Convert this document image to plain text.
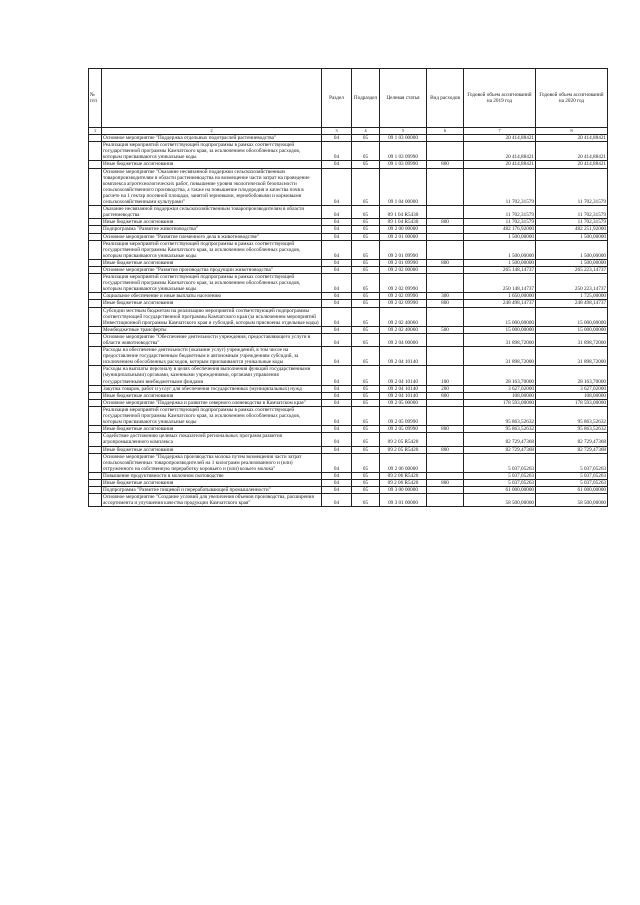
№ п/п		Раздел	Подраздел	Целевая статья	Вид расходов	Годовой объем ассигнований на 2019 год	Годовой объем ассигнований на 2020 год
1	2	3	4	5	6	7	8
	Основное мероприятие "Поддержка отдельных подотраслей растениеводства"	04	05	09 1 03 00000		20 414,88421	20 414,88421
	Реализация мероприятий соответствующей подпрограммы в рамках соответствующей государственной программы Камчатского края, за исключением обособленных расходов, которым присваиваются уникальные коды	04	05	09 1 03 09990		20 414,88421	20 414,88421
	Иные бюджетные ассигнования	04	05	09 1 03 09990	800	20 414,88421	20 414,88421
	Основное мероприятие "Оказание несвязанной поддержки сельскохозяйственным товаропроизводителям в области растениеводства на возмещение части затрат на проведение комплекса агротехнологических работ, повышение уровня экологической безопасности сельскохозяйственного производства, а также на повышение плодородия и качества почв в расчете на 1 гектар посевной площади, занятой зерновыми, зернобобовыми и кормовыми сельскохозяйственными культурами"	04	05	09 1 04 00000		11 702,31579	11 702,31579
	Оказание несвязанной поддержки сельскохозяйственным товаропроизводителям в области растениеводства	04	05	09 1 04 R5430		11 702,31579	11 702,31579
	Иные бюджетные ассигнования	04	05	09 1 04 R5430	800	11 702,31579	11 702,31579
	Подпрограмма "Развитие животноводства"	04	05	09 2 00 00000		482 176,92000	482 251,92000
	Основное мероприятие "Развитие племенного дела в животноводстве"	04	05	09 2 01 00000		1 500,00000	1 500,00000
	Реализация мероприятий соответствующей подпрограммы в рамках соответствующей государственной программы Камчатского края, за исключением обособленных расходов, которым присваиваются уникальные коды	04	05	09 2 01 09990		1 500,00000	1 500,00000
	Иные бюджетные ассигнования	04	05	09 2 01 09990	800	1 500,00000	1 500,00000
	Основное мероприятие "Развитие производства продукции животноводства"	04	05	09 2 02 00000		265 148,14737	265 223,14737
	Реализация мероприятий соответствующей подпрограммы в рамках соответствующей государственной программы Камчатского края, за исключением обособленных расходов, которым присваиваются уникальные коды	04	05	09 2 02 09990		250 148,14737	250 223,14737
	Социальное обеспечение и иные выплаты населению	04	05	09 2 02 09990	300	1 650,00000	1 725,00000
	Иные бюджетные ассигнования	04	05	09 2 02 09990	800	248 498,14737	248 498,14737
	Субсидии местным бюджетам на реализацию мероприятий соответствующей подпрограммы соответствующей государственной программы Камчатского края (за исключением мероприятий Инвестиционной программы Камчатского края и субсидий, которым присвоены отдельные коды)	04	05	09 2 02 40060		15 000,00000	15 000,00000
	Межбюджетные трансферты	04	05	09 2 02 40060	500	15 000,00000	15 000,00000
	Основное мероприятие "Обеспечение деятельности учреждения, предоставляющего услуги в области животноводства"	04	05	09 2 04 00000		31 898,72000	31 898,72000
	Расходы на обеспечение деятельности (оказание услуг) учреждений, в том числе на предоставление государственным бюджетным и автономным учреждениям субсидий, за исключением обособленных расходов, которым присваиваются уникальные коды	04	05	09 2 04 10140		31 898,72000	31 898,72000
	Расходы на выплаты персоналу в целях обеспечения выполнения функций государственными (муниципальными) органами, казенными учреждениями, органами управления государственными внебюджетными фондами	04	05	09 2 04 10140	100	28 163,70000	28 163,70000
	Закупка товаров, работ и услуг для обеспечения государственных (муниципальных) нужд	04	05	09 2 04 10140	200	3 627,02000	3 627,02000
	Иные бюджетные ассигнования	04	05	09 2 04 10140	800	108,00000	108,00000
	Основное мероприятие "Поддержка и развитие северного оленеводства в Камчатском крае"	04	05	09 2 05 00000		178 593,00000	178 593,00000
	Реализация мероприятий соответствующей подпрограммы в рамках соответствующей государственной программы Камчатского края, за исключением обособленных расходов, которым присваиваются уникальные коды	04	05	09 2 05 09990		95 863,52632	95 863,52632
	Иные бюджетные ассигнования	04	05	09 2 05 09990	800	95 863,52632	95 863,52632
	Содействие достижению целевых показателей региональных программ развития агропромышленного комплекса	04	05	09 2 05 R5420		82 729,47368	82 729,47368
	Иные бюджетные ассигнования	04	05	09 2 05 R5420	800	82 729,47368	82 729,47368
	Основное мероприятие "Поддержка производства молока путем возмещения части затрат сельскохозяйственных товаропроизводителей на 1 килограмм реализованного и (или) отгруженного на собственную переработку коровьего и (или) козьего молока"	04	05	09 2 06 00000		5 037,05263	5 037,05263
	Повышение продуктивности в молочном скотоводстве	04	05	09 2 06 R5420		5 037,05263	5 037,05263
	Иные бюджетные ассигнования	04	05	09 2 06 R5420	800	5 037,05263	5 037,05263
	Подпрограмма "Развитие пищевой и перерабатывающей промышленности"	04	05	09 3 00 00000		61 000,00000	61 000,00000
	Основное мероприятие "Создание условий для увеличения объемов производства, расширения ассортимента и улучшения качества продукции Камчатского края"	04	05	09 3 01 00000		58 500,00000	58 500,00000
